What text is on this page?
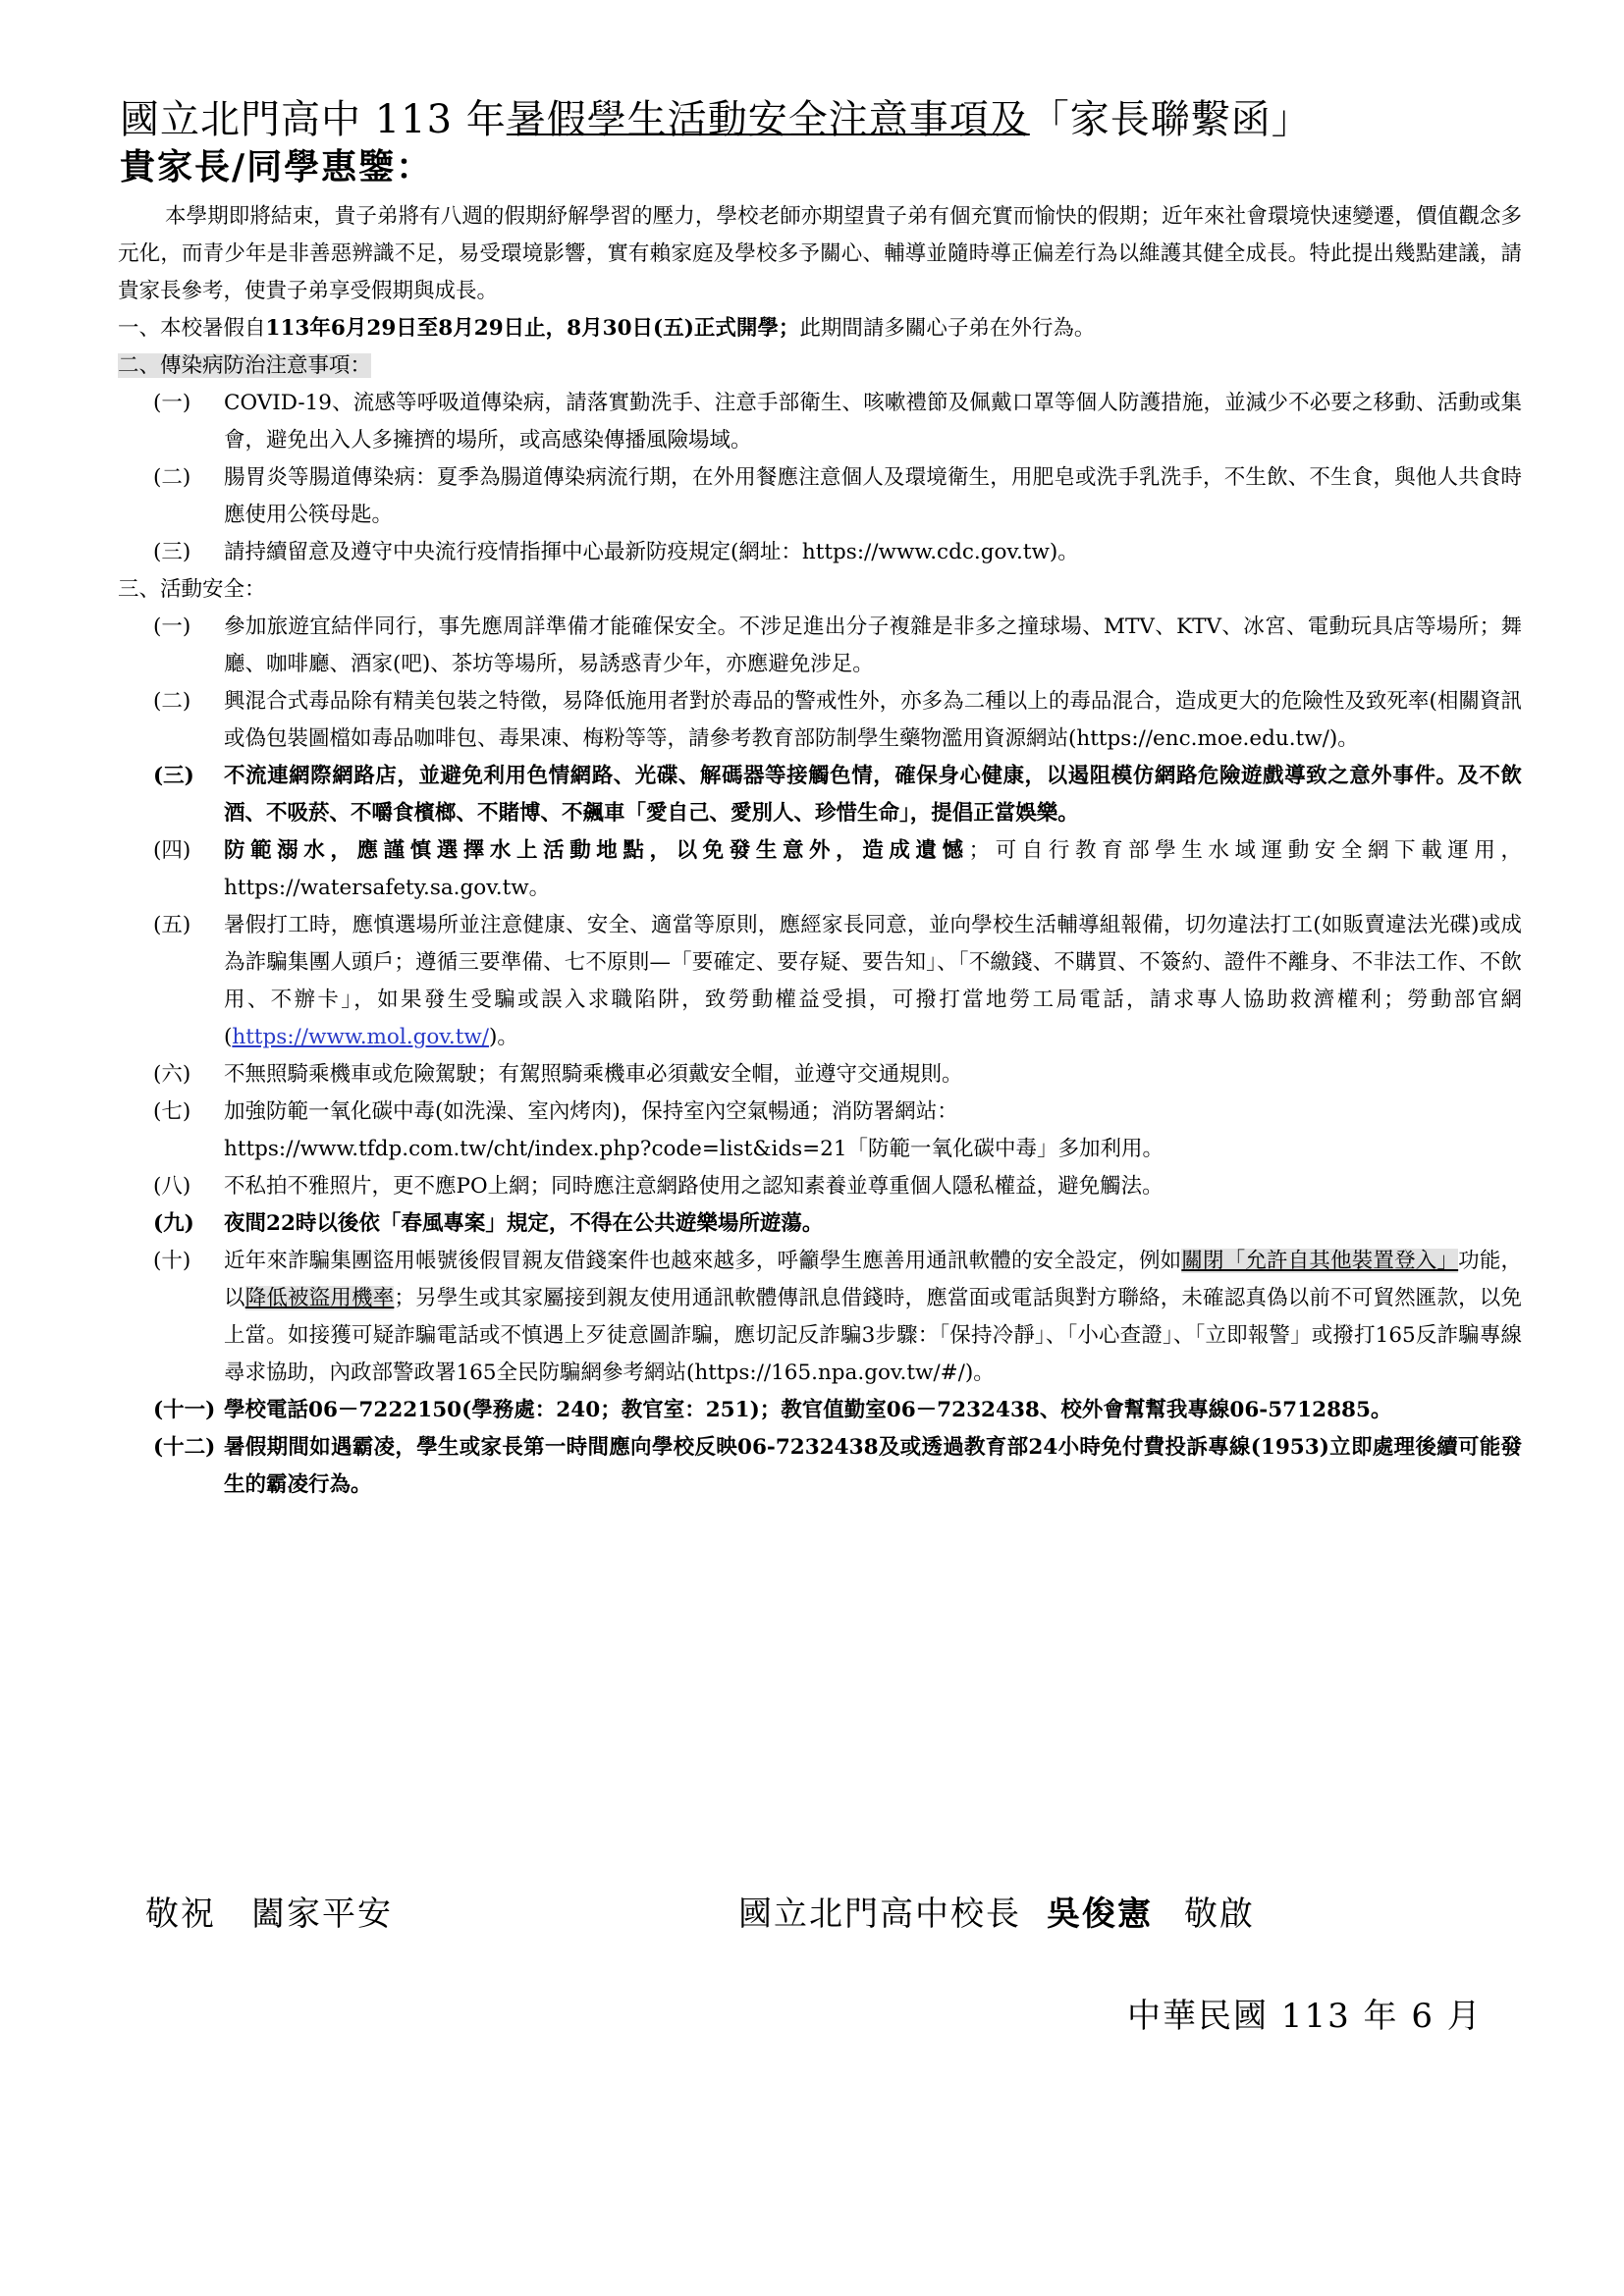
國立北門高中 113 年暑假學生活動安全注意事項及「家長聯繫函」
貴家長/同學惠鑒：

本學期即將結束，貴子弟將有八週的假期紓解學習的壓力，學校老師亦期望貴子弟有個充實而愉快的假期；近年來社會環境快速變遷，價值觀念多元化，而青少年是非善惡辨識不足，易受環境影響，實有賴家庭及學校多予關心、輔導並隨時導正偏差行為以維護其健全成長。特此提出幾點建議，請　貴家長參考，使貴子弟享受假期與成長。

一、本校暑假自113年6月29日至8月29日止，8月30日(五)正式開學；此期間請多關心子弟在外行為。

二、傳染病防治注意事項：

(一) COVID-19、流感等呼吸道傳染病，請落實勤洗手、注意手部衛生、咳嗽禮節及佩戴口罩等個人防護措施，並減少不必要之移動、活動或集會，避免出入人多擁擠的場所，或高感染傳播風險場域。
(二) 腸胃炎等腸道傳染病：夏季為腸道傳染病流行期，在外用餐應注意個人及環境衛生，用肥皂或洗手乳洗手，不生飲、不生食，與他人共食時應使用公筷母匙。
(三) 請持續留意及遵守中央流行疫情指揮中心最新防疫規定(網址：https://www.cdc.gov.tw)。

三、活動安全：

(一) 參加旅遊宜結伴同行，事先應周詳準備才能確保安全。不涉足進出分子複雜是非多之撞球場、MTV、KTV、冰宮、電動玩具店等場所；舞廳、咖啡廳、酒家(吧)、茶坊等場所，易誘惑青少年，亦應避免涉足。
(二) 興混合式毒品除有精美包裝之特徵，易降低施用者對於毒品的警戒性外，亦多為二種以上的毒品混合，造成更大的危險性及致死率(相關資訊或偽包裝圖檔如毒品咖啡包、毒果凍、梅粉等等，請參考教育部防制學生藥物濫用資源網站(https://enc.moe.edu.tw/)。
(三) 不流連網際網路店，並避免利用色情網路、光碟、解碼器等接觸色情，確保身心健康，以遏阻模仿網路危險遊戲導致之意外事件。及不飲酒、不吸菸、不嚼食檳榔、不賭博、不飆車「愛自己、愛別人、珍惜生命」，提倡正當娛樂。
(四) 防範溺水，應謹慎選擇水上活動地點，以免發生意外，造成遺憾；可自行教育部學生水域運動安全網下載運用，https://watersafety.sa.gov.tw。
(五) 暑假打工時，應慎選場所並注意健康、安全、適當等原則，應經家長同意，並向學校生活輔導組報備，切勿違法打工(如販賣違法光碟)或成為詐騙集團人頭戶；遵循三要準備、七不原則—「要確定、要存疑、要告知」、「不繳錢、不購買、不簽約、證件不離身、不非法工作、不飲用、不辦卡」，如果發生受騙或誤入求職陷阱，致勞動權益受損，可撥打當地勞工局電話，請求專人協助救濟權利；勞動部官網(https://www.mol.gov.tw/)。
(六) 不無照騎乘機車或危險駕駛；有駕照騎乘機車必須戴安全帽，並遵守交通規則。
(七) 加強防範一氧化碳中毒(如洗澡、室內烤肉)，保持室內空氣暢通；消防署網站：
https://www.tfdp.com.tw/cht/index.php?code=list&ids=21「防範一氧化碳中毒」多加利用。
(八) 不私拍不雅照片，更不應PO上網；同時應注意網路使用之認知素養並尊重個人隱私權益，避免觸法。
(九) 夜間22時以後依「春風專案」規定，不得在公共遊樂場所遊蕩。
(十) 近年來詐騙集團盜用帳號後假冒親友借錢案件也越來越多，呼籲學生應善用通訊軟體的安全設定，例如關閉「允許自其他裝置登入」功能，以降低被盜用機率；另學生或其家屬接到親友使用通訊軟體傳訊息借錢時，應當面或電話與對方聯絡，未確認真偽以前不可貿然匯款，以免上當。如接獲可疑詐騙電話或不慎遇上歹徒意圖詐騙，應切記反詐騙3步驟：「保持冷靜」、「小心查證」、「立即報警」或撥打165反詐騙專線尋求協助，內政部警政署165全民防騙網參考網站(https://165.npa.gov.tw/#/)。
(十一) 學校電話06－7222150(學務處：240；教官室：251)；教官值勤室06－7232438、校外會幫幫我專線06-5712885。
(十二) 暑假期間如遇霸凌，學生或家長第一時間應向學校反映06-7232438及或透過教育部24小時免付費投訴專線(1953)立即處理後續可能發生的霸凌行為。
敬祝　闔家平安	國立北門高中校長 吳俊憲 敬啟
中華民國 113 年 6 月
